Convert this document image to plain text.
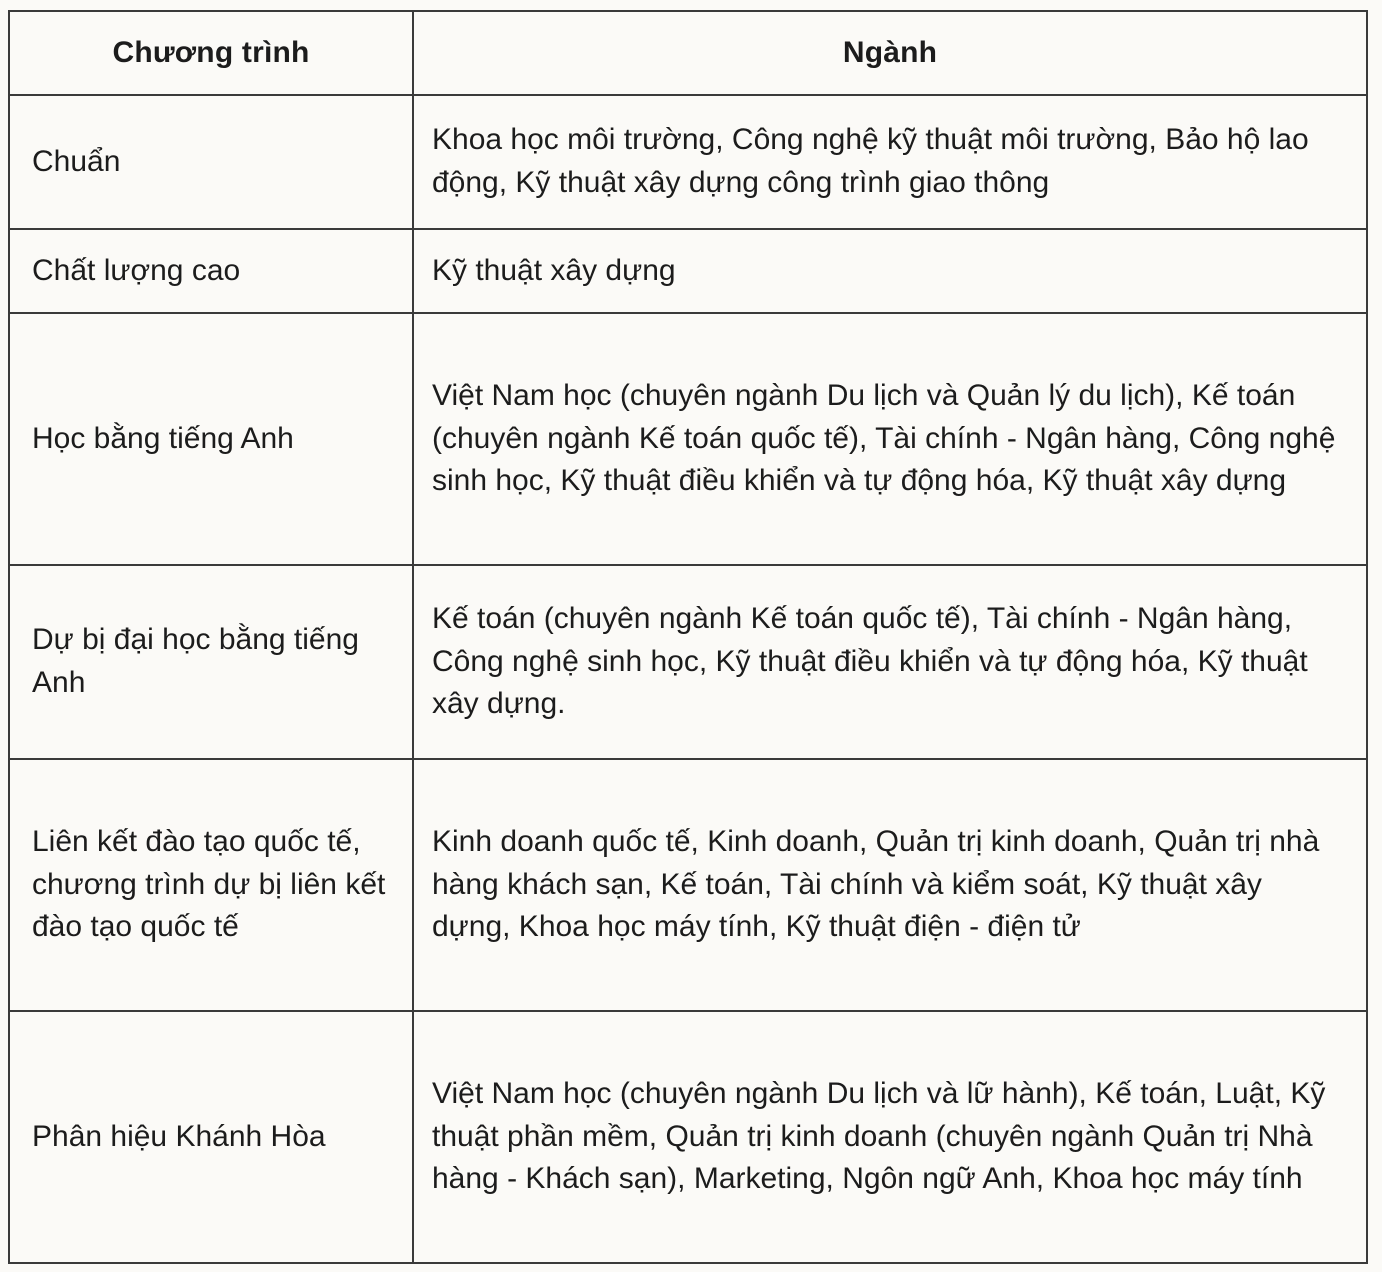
Chương trình	Ngành

Chuẩn	Khoa học môi trường, Công nghệ kỹ thuật môi trường, Bảo hộ lao động, Kỹ thuật xây dựng công trình giao thông

Chất lượng cao	Kỹ thuật xây dựng

Học bằng tiếng Anh	Việt Nam học (chuyên ngành Du lịch và Quản lý du lịch), Kế toán (chuyên ngành Kế toán quốc tế), Tài chính - Ngân hàng, Công nghệ sinh học, Kỹ thuật điều khiển và tự động hóa, Kỹ thuật xây dựng

Dự bị đại học bằng tiếng Anh	Kế toán (chuyên ngành Kế toán quốc tế), Tài chính - Ngân hàng, Công nghệ sinh học, Kỹ thuật điều khiển và tự động hóa, Kỹ thuật xây dựng.

Liên kết đào tạo quốc tế, chương trình dự bị liên kết đào tạo quốc tế	Kinh doanh quốc tế, Kinh doanh, Quản trị kinh doanh, Quản trị nhà hàng khách sạn, Kế toán, Tài chính và kiểm soát, Kỹ thuật xây dựng, Khoa học máy tính, Kỹ thuật điện - điện tử

Phân hiệu Khánh Hòa	Việt Nam học (chuyên ngành Du lịch và lữ hành), Kế toán, Luật, Kỹ thuật phần mềm, Quản trị kinh doanh (chuyên ngành Quản trị Nhà hàng - Khách sạn), Marketing, Ngôn ngữ Anh, Khoa học máy tính
